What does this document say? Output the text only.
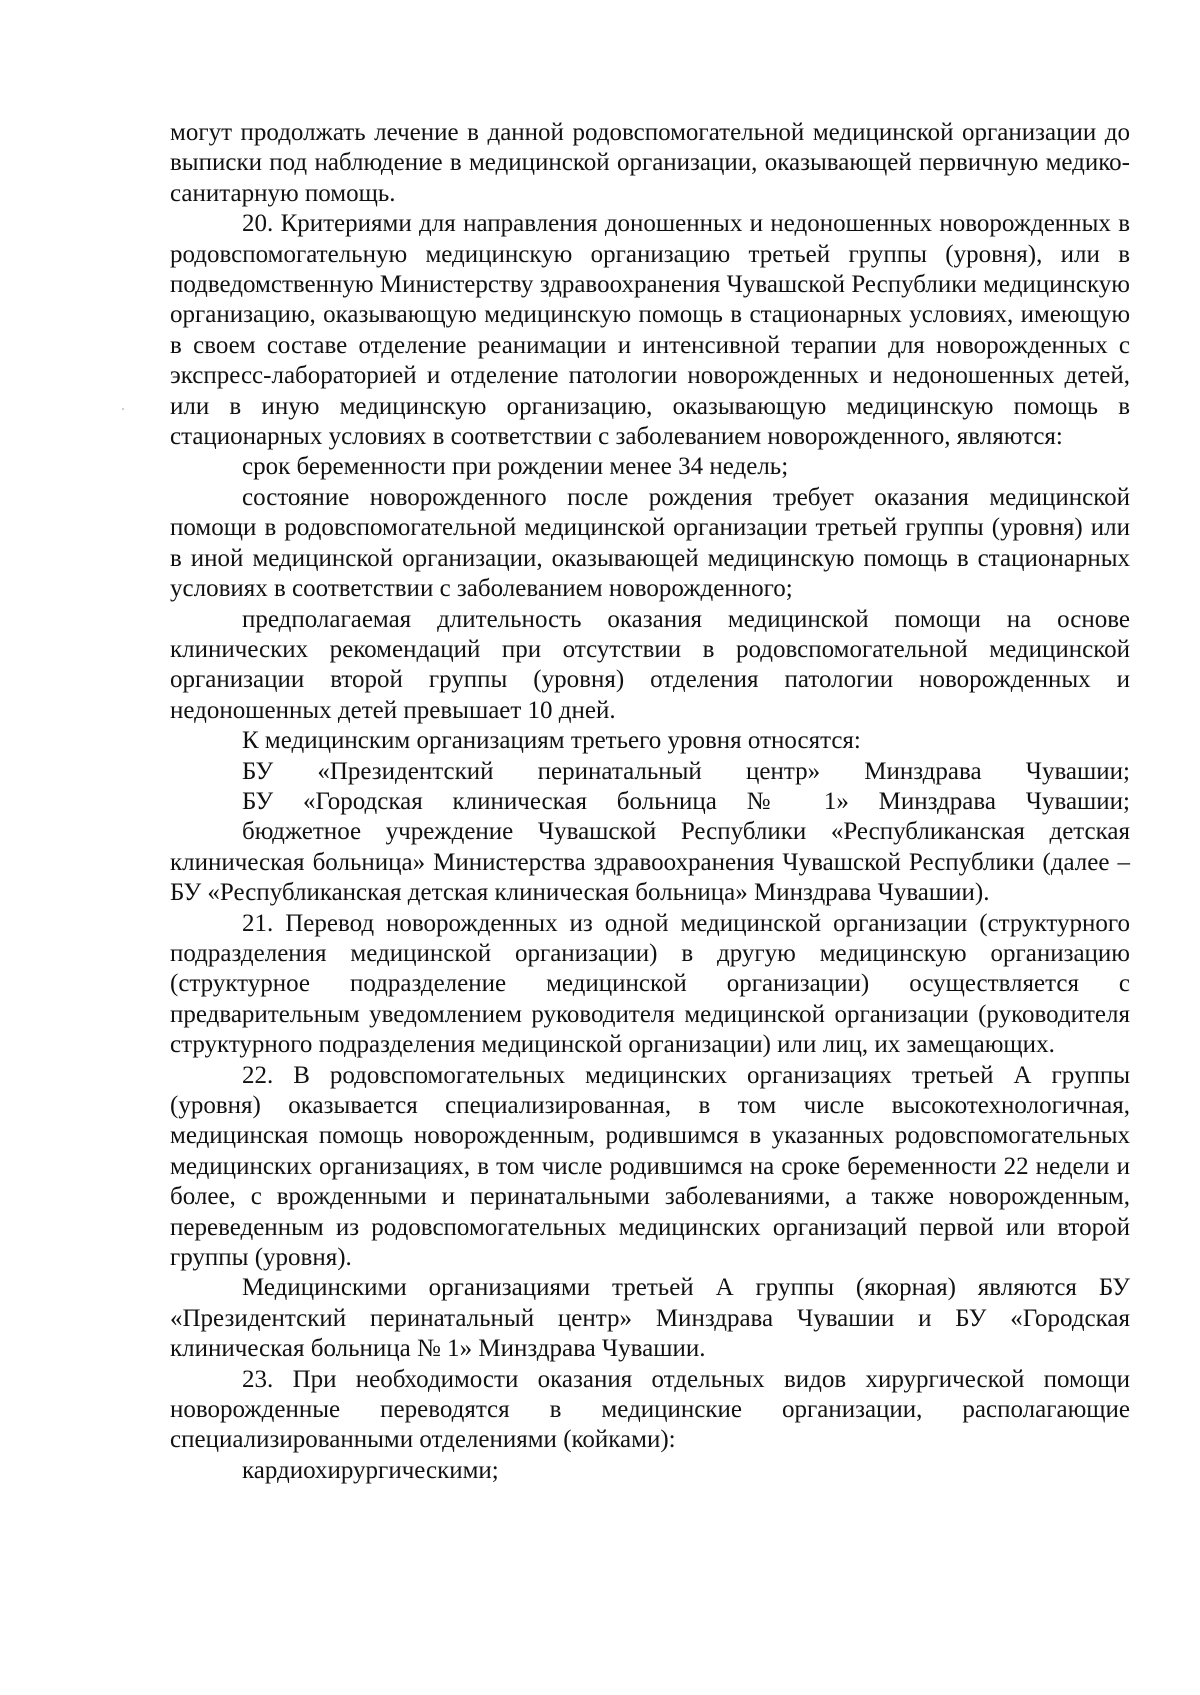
могут продолжать лечение в данной родовспомогательной медицинской организации до выписки под наблюдение в медицинской организации, оказывающей первичную медико-санитарную помощь.

20. Критериями для направления доношенных и недоношенных новорожденных в родовспомогательную медицинскую организацию третьей группы (уровня), или в подведомственную Министерству здравоохранения Чувашской Республики медицинскую организацию, оказывающую медицинскую помощь в стационарных условиях, имеющую в своем составе отделение реанимации и интенсивной терапии для новорожденных с экспресс-лабораторией и отделение патологии новорожденных и недоношенных детей, или в иную медицинскую организацию, оказывающую медицинскую помощь в стационарных условиях в соответствии с заболеванием новорожденного, являются:

срок беременности при рождении менее 34 недель;

состояние новорожденного после рождения требует оказания медицинской помощи в родовспомогательной медицинской организации третьей группы (уровня) или в иной медицинской организации, оказывающей медицинскую помощь в стационарных условиях в соответствии с заболеванием новорожденного;

предполагаемая длительность оказания медицинской помощи на основе клинических рекомендаций при отсутствии в родовспомогательной медицинской организации второй группы (уровня) отделения патологии новорожденных и недоношенных детей превышает 10 дней.

К медицинским организациям третьего уровня относятся:

БУ «Президентский перинатальный центр» Минздрава Чувашии;

БУ «Городская клиническая больница № 1» Минздрава Чувашии;

бюджетное учреждение Чувашской Республики «Республиканская детская клиническая больница» Министерства здравоохранения Чувашской Республики (далее – БУ «Республиканская детская клиническая больница» Минздрава Чувашии).

21. Перевод новорожденных из одной медицинской организации (структурного подразделения медицинской организации) в другую медицинскую организацию (структурное подразделение медицинской организации) осуществляется с предварительным уведомлением руководителя медицинской организации (руководителя структурного подразделения медицинской организации) или лиц, их замещающих.

22. В родовспомогательных медицинских организациях третьей А группы (уровня) оказывается специализированная, в том числе высокотехнологичная, медицинская помощь новорожденным, родившимся в указанных родовспомогательных медицинских организациях, в том числе родившимся на сроке беременности 22 недели и более, с врожденными и перинатальными заболеваниями, а также новорожденным, переведенным из родовспомогательных медицинских организаций первой или второй группы (уровня).

Медицинскими организациями третьей А группы (якорная) являются БУ «Президентский перинатальный центр» Минздрава Чувашии и БУ «Городская клиническая больница № 1» Минздрава Чувашии.

23. При необходимости оказания отдельных видов хирургической помощи новорожденные переводятся в медицинские организации, располагающие специализированными отделениями (койками):

кардиохирургическими;
